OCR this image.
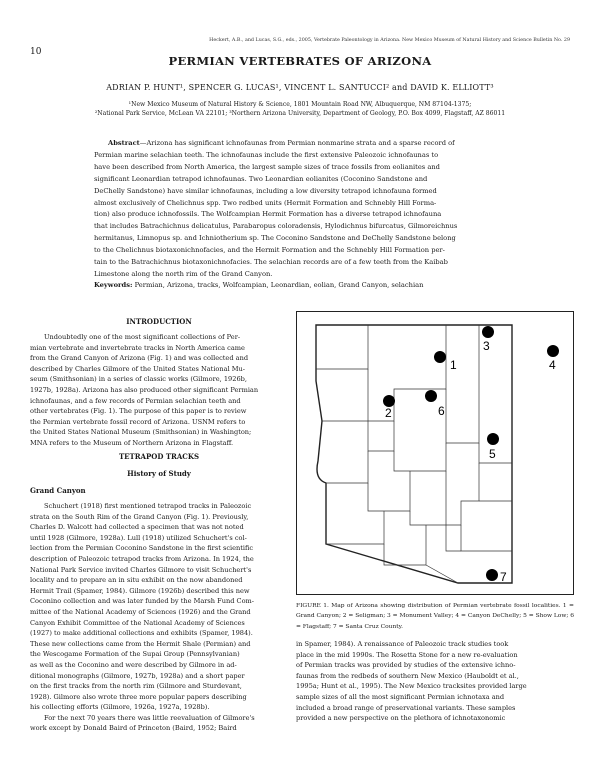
10
Heckert, A.B., and Lucas, S.G., eds., 2005, Vertebrate Paleontology in Arizona. New Mexico Museum of Natural History and Science Bulletin No. 29
PERMIAN VERTEBRATES OF ARIZONA
ADRIAN P. HUNT¹, SPENCER G. LUCAS¹, VINCENT L. SANTUCCI² and DAVID K. ELLIOTT³
¹New Mexico Museum of Natural History & Science, 1801 Mountain Road NW, Albuquerque, NM 87104-1375;
²National Park Service, McLean VA 22101; ³Northern Arizona University, Department of Geology, P.O. Box 4099, Flagstaff, AZ 86011
Abstract—Arizona has significant ichnofaunas from Permian nonmarine strata and a sparse record of
Permian marine selachian teeth. The ichnofaunas include the first extensive Paleozoic ichnofaunas to
have been described from North America, the largest sample sizes of trace fossils from eolianites and
significant Leonardian tetrapod ichnofaunas. Two Leonardian eolianites (Coconino Sandstone and
DeChelly Sandstone) have similar ichnofaunas, including a low diversity tetrapod ichnofauna formed
almost exclusively of Chelichnus spp. Two redbed units (Hermit Formation and Schnebly Hill Forma-
tion) also produce ichnofossils. The Wolfcampian Hermit Formation has a diverse tetrapod ichnofauna
that includes Batrachichnus delicatulus, Parabaropus coloradensis, Hylodichnus bifurcatus, Gilmoreichnus
hermitanus, Limnopus sp. and Ichniotherium sp. The Coconino Sandstone and DeChelly Sandstone belong
to the Chelichnus biotaxonichnofacies, and the Hermit Formation and the Schnebly Hill Formation per-
tain to the Batrachichnus biotaxonichnofacies. The selachian records are of a few teeth from the Kaibab
Limestone along the north rim of the Grand Canyon.
Keywords: Permian, Arizona, tracks, Wolfcampian, Leonardian, eolian, Grand Canyon, selachian
INTRODUCTION

Undoubtedly one of the most significant collections of Per-

mian vertebrate and invertebrate tracks in North America came
from the Grand Canyon of Arizona (Fig. 1) and was collected and
described by Charles Gilmore of the United States National Mu-
seum (Smithsonian) in a series of classic works (Gilmore, 1926b,
1927b, 1928a). Arizona has also produced other significant Permian
ichnofaunas, and a few records of Permian selachian teeth and
other vertebrates (Fig. 1). The purpose of this paper is to review
the Permian vertebrate fossil record of Arizona. USNM refers to
the United States National Museum (Smithsonian) in Washington;
MNA refers to the Museum of Northern Arizona in Flagstaff.
TETRAPOD TRACKS
History of Study
Grand Canyon

Schuchert (1918) first mentioned tetrapod tracks in Paleozoic

strata on the South Rim of the Grand Canyon (Fig. 1). Previously,
Charles D. Walcott had collected a specimen that was not noted
until 1928 (Gilmore, 1928a). Lull (1918) utilized Schuchert's col-
lection from the Permian Coconino Sandstone in the first scientific
description of Paleozoic tetrapod tracks from Arizona. In 1924, the
National Park Service invited Charles Gilmore to visit Schuchert's
locality and to prepare an in situ exhibit on the now abandoned
Hermit Trail (Spamer, 1984). Gilmore (1926b) described this new
Coconino collection and was later funded by the Marsh Fund Com-
mittee of the National Academy of Sciences (1926) and the Grand
Canyon Exhibit Committee of the National Academy of Sciences
(1927) to make additional collections and exhibits (Spamer, 1984).
These new collections came from the Hermit Shale (Permian) and
the Wescogame Formation of the Supai Group (Pennsylvanian)
as well as the Coconino and were described by Gilmore in ad-
ditional monographs (Gilmore, 1927b, 1928a) and a short paper
on the first tracks from the north rim (Gilmore and Sturdevant,
1928). Gilmore also wrote three more popular papers describing
his collecting efforts (Gilmore, 1926a, 1927a, 1928b).

For the next 70 years there was little reevaluation of Gilmore's

work except by Donald Baird of Princeton (Baird, 1952; Baird
1
2
3
4
5
6
7
FIGURE 1. Map of Arizona showing distribution of Permian vertebrate fossil localities. 1 = Grand Canyon; 2 = Seligman; 3 = Monument Valley; 4 = Canyon DeChelly; 5 = Show Low; 6 = Flagstaff; 7 = Santa Cruz County.
in Spamer, 1984). A renaissance of Paleozoic track studies took
place in the mid 1990s. The Rosetta Stone for a new re-evaluation
of Permian tracks was provided by studies of the extensive ichno-
faunas from the redbeds of southern New Mexico (Hauboldt et al.,
1995a; Hunt et al., 1995). The New Mexico tracksites provided large
sample sizes of all the most significant Permian ichnotaxa and
included a broad range of preservational variants. These samples
provided a new perspective on the plethora of ichnotaxonomic
